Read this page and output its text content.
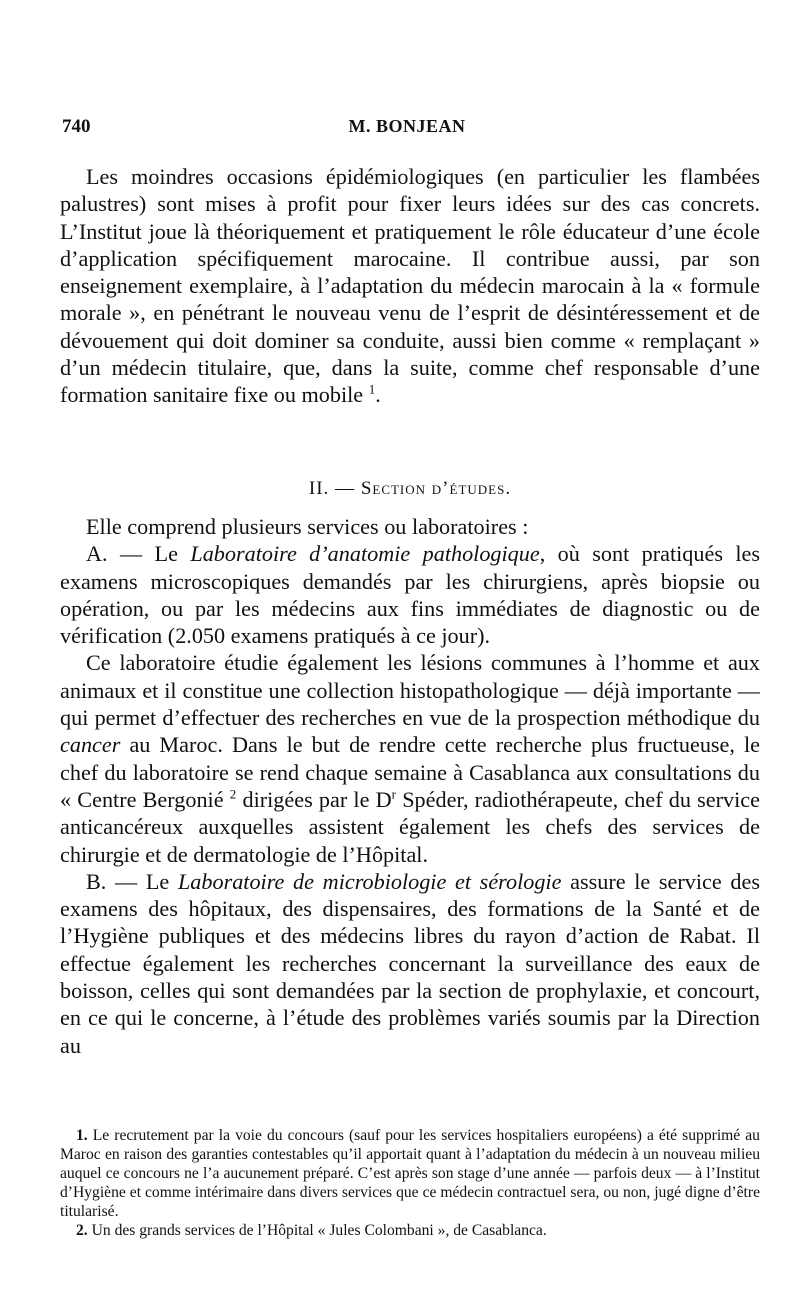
740	M. BONJEAN

Les moindres occasions épidémiologiques (en particulier les flambées palustres) sont mises à profit pour fixer leurs idées sur des cas concrets. L’Institut joue là théoriquement et pratiquement le rôle éducateur d’une école d’application spécifiquement marocaine. Il contribue aussi, par son enseignement exemplaire, à l’adaptation du médecin marocain à la « formule morale », en pénétrant le nouveau venu de l’esprit de désintéressement et de dévouement qui doit dominer sa conduite, aussi bien comme « remplaçant » d’un médecin titulaire, que, dans la suite, comme chef responsable d’une formation sanitaire fixe ou mobile $^1$.

II. — Section d’études.

Elle comprend plusieurs services ou laboratoires :

A. — Le Laboratoire d’anatomie pathologique, où sont pratiqués les examens microscopiques demandés par les chirurgiens, après biopsie ou opération, ou par les médecins aux fins immédiates de diagnostic ou de vérification (2.050 examens pratiqués à ce jour).

Ce laboratoire étudie également les lésions communes à l’homme et aux animaux et il constitue une collection histopathologique — déjà importante — qui permet d’effectuer des recherches en vue de la prospection méthodique du cancer au Maroc. Dans le but de rendre cette recherche plus fructueuse, le chef du laboratoire se rend chaque semaine à Casablanca aux consultations du « Centre Bergonié $^2$ dirigées par le $D^r$ Spéder, radiothérapeute, chef du service anticancéreux auxquelles assistent également les chefs des services de chirurgie et de dermatologie de l’Hôpital.

B. — Le Laboratoire de microbiologie et sérologie assure le service des examens des hôpitaux, des dispensaires, des formations de la Santé et de l’Hygiène publiques et des médecins libres du rayon d’action de Rabat. Il effectue également les recherches concernant la surveillance des eaux de boisson, celles qui sont demandées par la section de prophylaxie, et concourt, en ce qui le concerne, à l’étude des problèmes variés soumis par la Direction au

1. Le recrutement par la voie du concours (sauf pour les services hospitaliers européens) a été supprimé au Maroc en raison des garanties contestables qu’il apportait quant à l’adaptation du médecin à un nouveau milieu auquel ce concours ne l’a aucunement préparé. C’est après son stage d’une année — parfois deux — à l’Institut d’Hygiène et comme intérimaire dans divers services que ce médecin contractuel sera, ou non, jugé digne d’être titularisé.

2. Un des grands services de l’Hôpital « Jules Colombani », de Casablanca.
